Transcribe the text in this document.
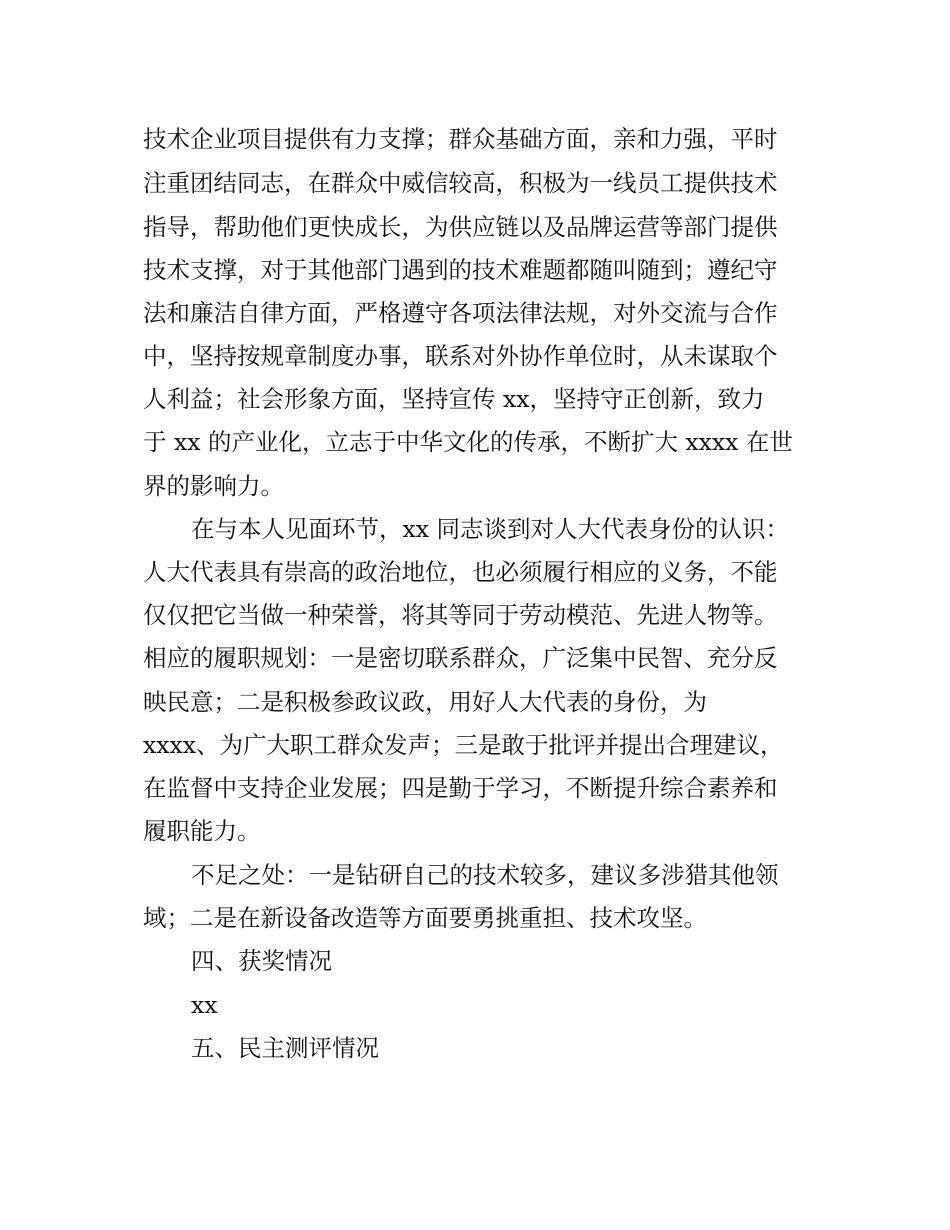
技术企业项目提供有力支撑；群众基础方面，亲和力强，平时

注重团结同志，在群众中威信较高，积极为一线员工提供技术

指导，帮助他们更快成长，为供应链以及品牌运营等部门提供

技术支撑，对于其他部门遇到的技术难题都随叫随到；遵纪守

法和廉洁自律方面，严格遵守各项法律法规，对外交流与合作

中，坚持按规章制度办事，联系对外协作单位时，从未谋取个

人利益；社会形象方面，坚持宣传 xx，坚持守正创新，致力

于 xx 的产业化，立志于中华文化的传承，不断扩大 xxxx 在世

界的影响力。

在与本人见面环节，xx 同志谈到对人大代表身份的认识：

人大代表具有崇高的政治地位，也必须履行相应的义务，不能

仅仅把它当做一种荣誉，将其等同于劳动模范、先进人物等。

相应的履职规划：一是密切联系群众，广泛集中民智、充分反

映民意；二是积极参政议政，用好人大代表的身份，为

xxxx、为广大职工群众发声；三是敢于批评并提出合理建议，

在监督中支持企业发展；四是勤于学习，不断提升综合素养和

履职能力。

不足之处：一是钻研自己的技术较多，建议多涉猎其他领

域；二是在新设备改造等方面要勇挑重担、技术攻坚。

四、获奖情况

xx

五、民主测评情况
